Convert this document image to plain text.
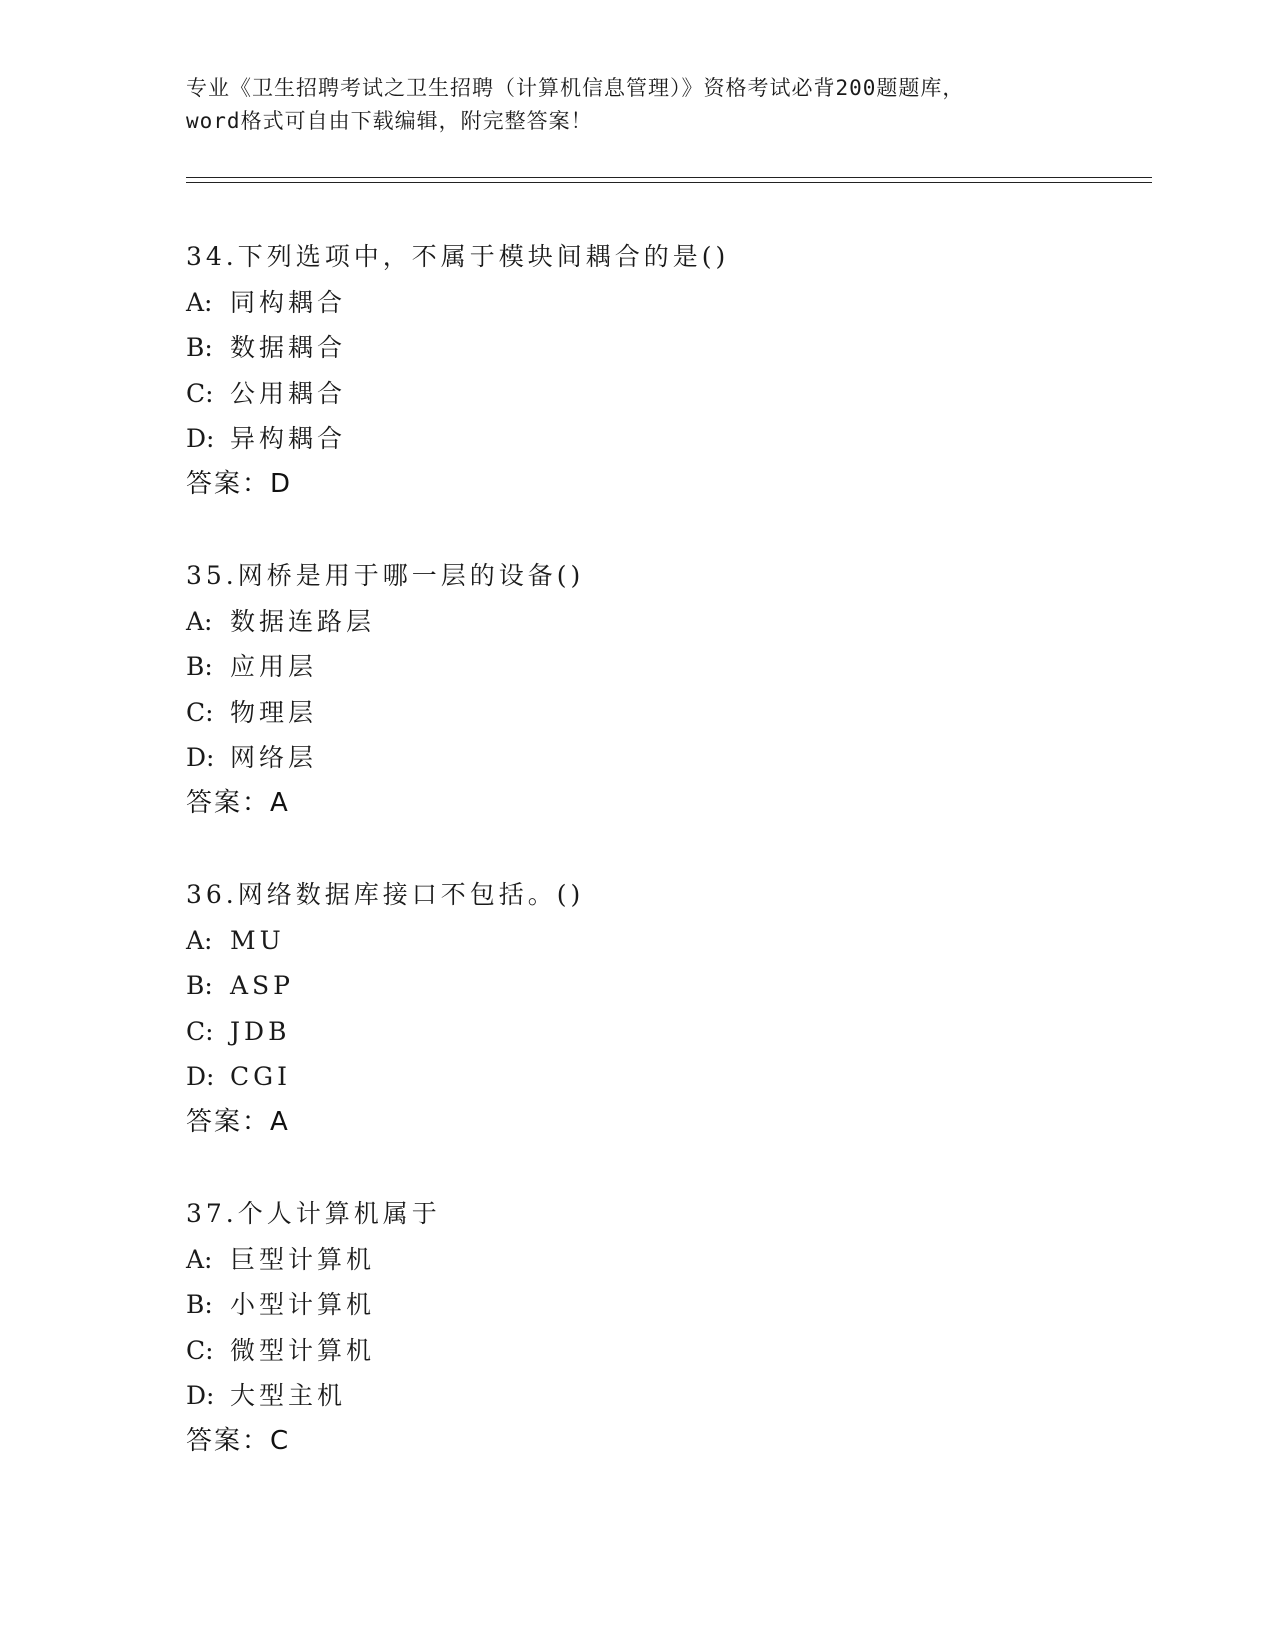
专业《卫生招聘考试之卫生招聘（计算机信息管理）》资格考试必背200题题库，
word格式可自由下载编辑，附完整答案！
34.下列选项中，不属于模块间耦合的是()
A: 同构耦合
B: 数据耦合
C: 公用耦合
D: 异构耦合
答案：D
35.网桥是用于哪一层的设备()
A: 数据连路层
B: 应用层
C: 物理层
D: 网络层
答案：A
36.网络数据库接口不包括。()
A: MU
B: ASP
C: JDB
D: CGI
答案：A
37.个人计算机属于
A: 巨型计算机
B: 小型计算机
C: 微型计算机
D: 大型主机
答案：C
